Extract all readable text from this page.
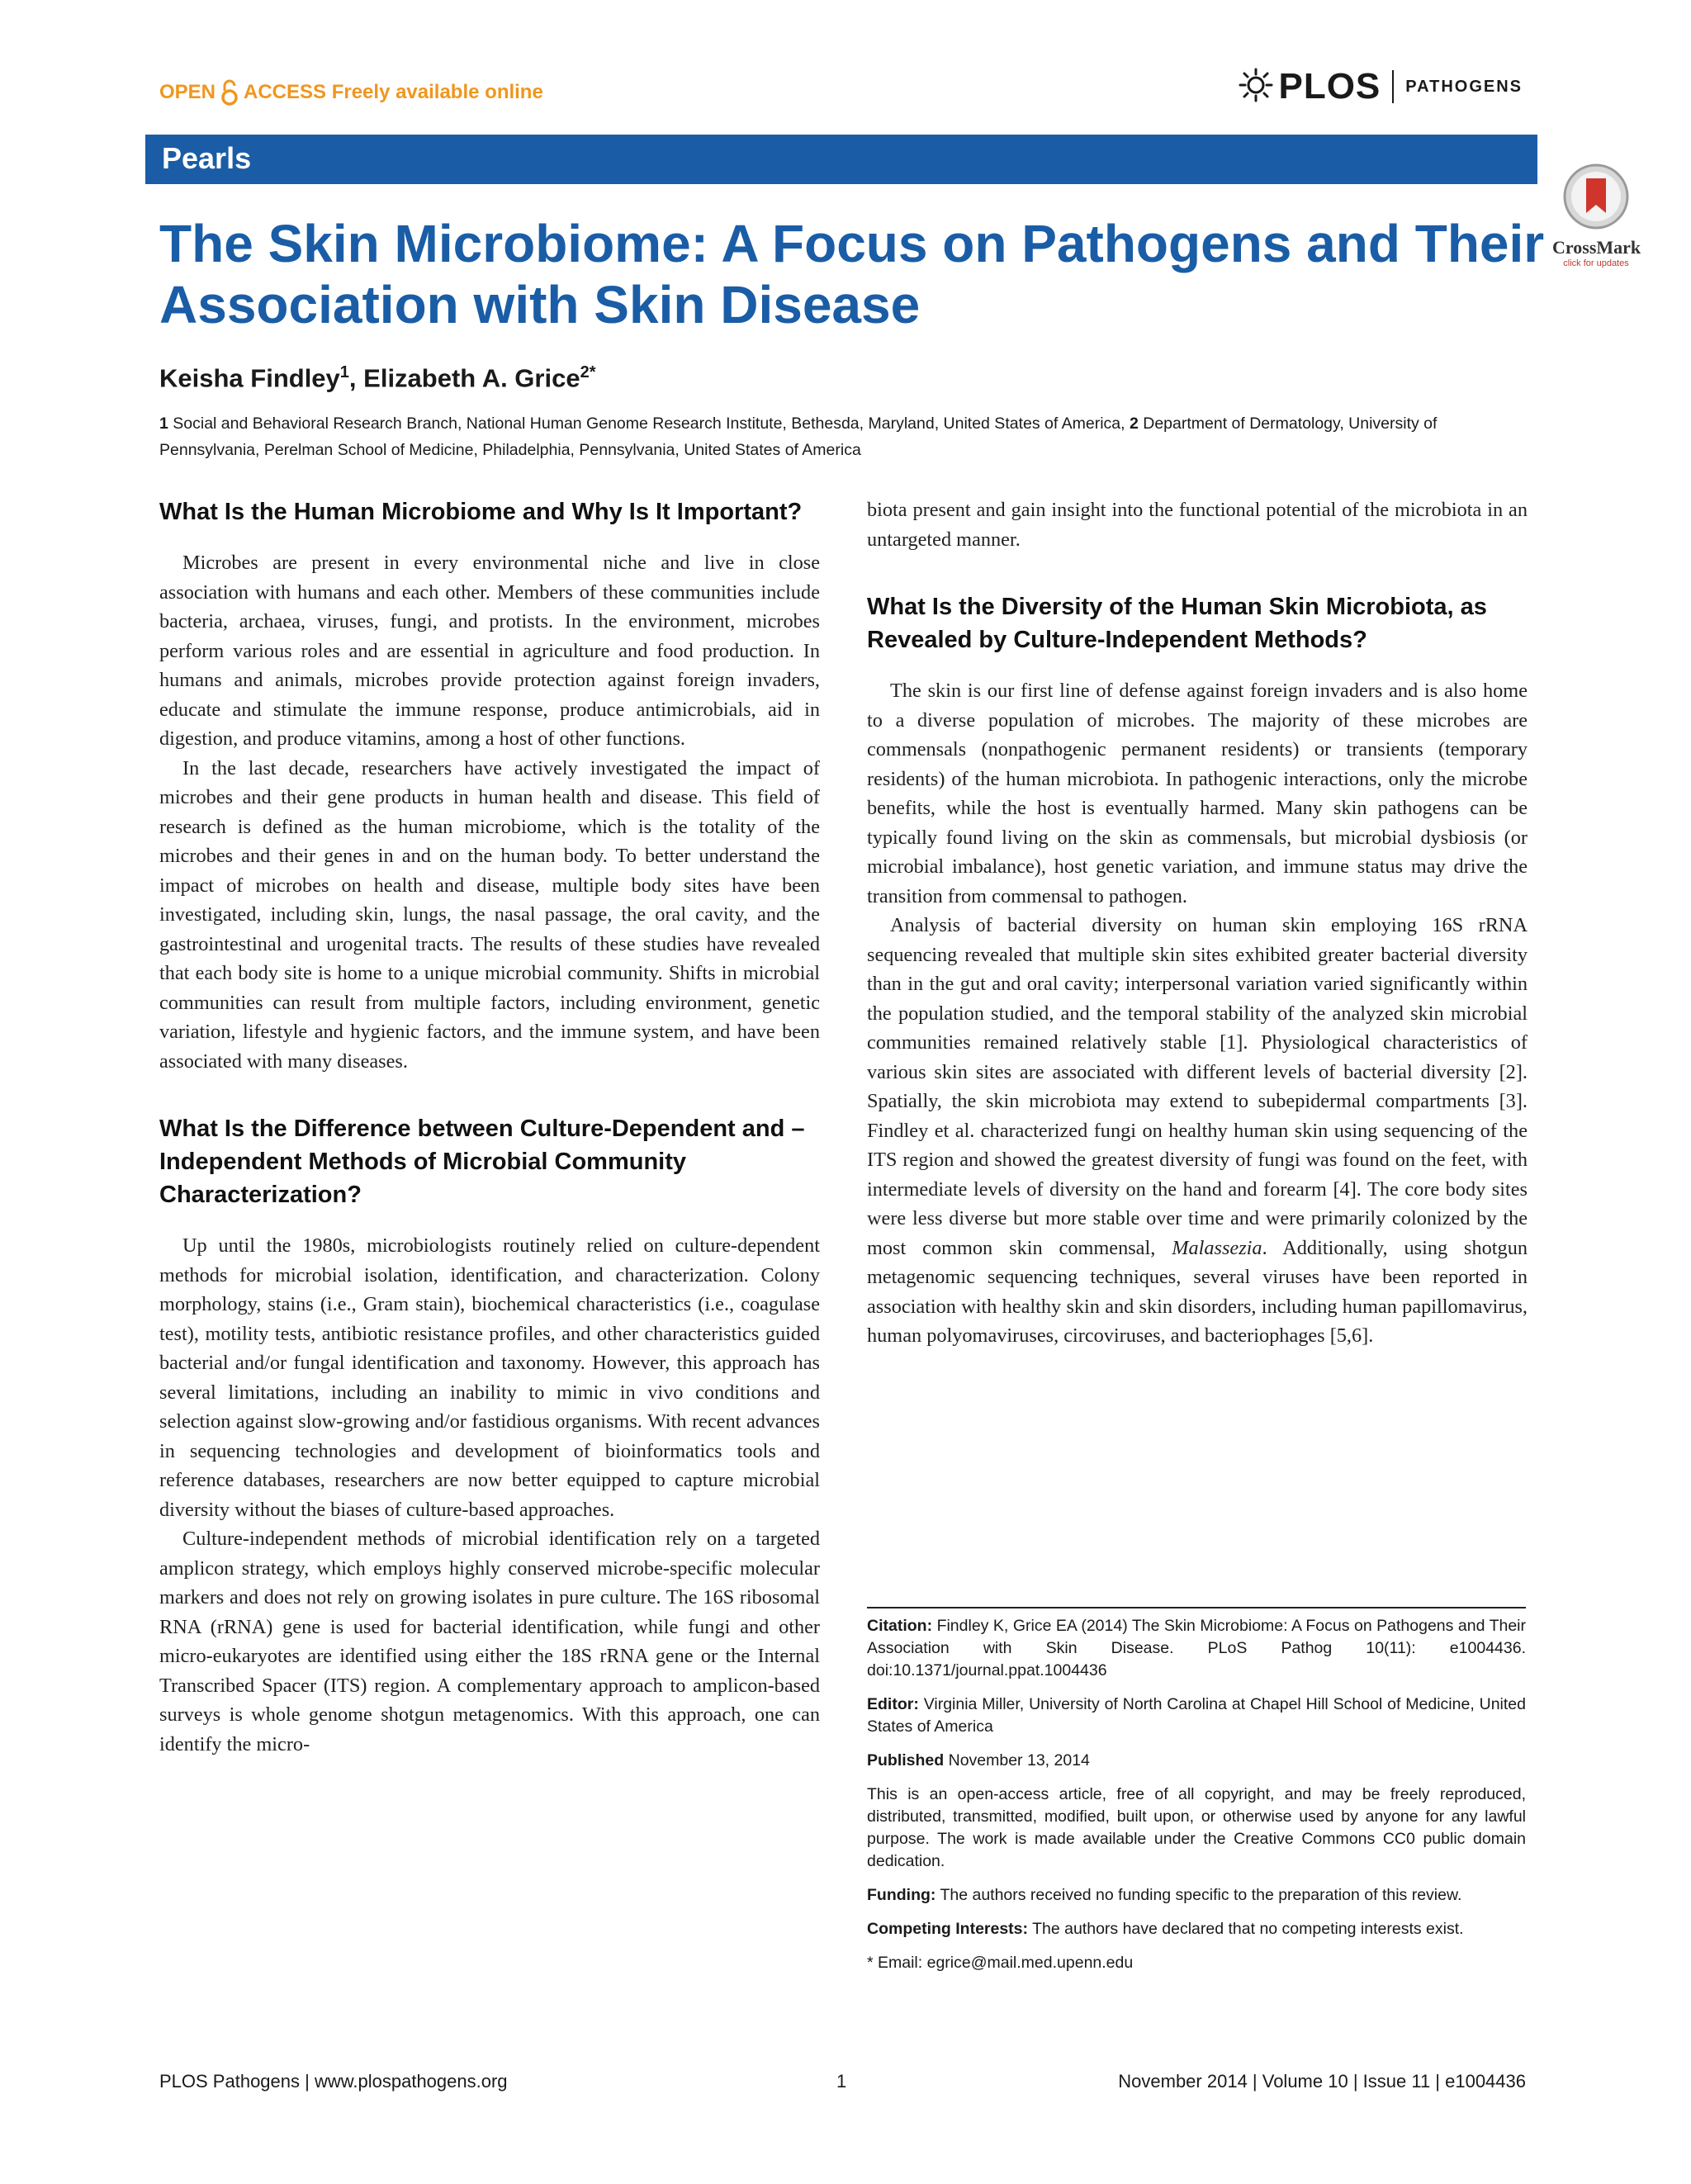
OPEN ACCESS Freely available online	PLOS PATHOGENS
Pearls
CrossMark
click for updates
The Skin Microbiome: A Focus on Pathogens and Their Association with Skin Disease
Keisha Findley$^1$, Elizabeth A. Grice$^{2*}$
1 Social and Behavioral Research Branch, National Human Genome Research Institute, Bethesda, Maryland, United States of America, 2 Department of Dermatology, University of Pennsylvania, Perelman School of Medicine, Philadelphia, Pennsylvania, United States of America
What Is the Human Microbiome and Why Is It Important?

Microbes are present in every environmental niche and live in close association with humans and each other. Members of these communities include bacteria, archaea, viruses, fungi, and protists. In the environment, microbes perform various roles and are essential in agriculture and food production. In humans and animals, microbes provide protection against foreign invaders, educate and stimulate the immune response, produce antimicrobials, aid in digestion, and produce vitamins, among a host of other functions.

In the last decade, researchers have actively investigated the impact of microbes and their gene products in human health and disease. This field of research is defined as the human microbiome, which is the totality of the microbes and their genes in and on the human body. To better understand the impact of microbes on health and disease, multiple body sites have been investigated, including skin, lungs, the nasal passage, the oral cavity, and the gastrointestinal and urogenital tracts. The results of these studies have revealed that each body site is home to a unique microbial community. Shifts in microbial communities can result from multiple factors, including environment, genetic variation, lifestyle and hygienic factors, and the immune system, and have been associated with many diseases.

What Is the Difference between Culture-Dependent and –Independent Methods of Microbial Community Characterization?

Up until the 1980s, microbiologists routinely relied on culture-dependent methods for microbial isolation, identification, and characterization. Colony morphology, stains (i.e., Gram stain), biochemical characteristics (i.e., coagulase test), motility tests, antibiotic resistance profiles, and other characteristics guided bacterial and/or fungal identification and taxonomy. However, this approach has several limitations, including an inability to mimic in vivo conditions and selection against slow-growing and/or fastidious organisms. With recent advances in sequencing technologies and development of bioinformatics tools and reference databases, researchers are now better equipped to capture microbial diversity without the biases of culture-based approaches.

Culture-independent methods of microbial identification rely on a targeted amplicon strategy, which employs highly conserved microbe-specific molecular markers and does not rely on growing isolates in pure culture. The 16S ribosomal RNA (rRNA) gene is used for bacterial identification, while fungi and other micro-eukaryotes are identified using either the 18S rRNA gene or the Internal Transcribed Spacer (ITS) region. A complementary approach to amplicon-based surveys is whole genome shotgun metagenomics. With this approach, one can identify the micro-

biota present and gain insight into the functional potential of the microbiota in an untargeted manner.

What Is the Diversity of the Human Skin Microbiota, as Revealed by Culture-Independent Methods?

The skin is our first line of defense against foreign invaders and is also home to a diverse population of microbes. The majority of these microbes are commensals (nonpathogenic permanent residents) or transients (temporary residents) of the human microbiota. In pathogenic interactions, only the microbe benefits, while the host is eventually harmed. Many skin pathogens can be typically found living on the skin as commensals, but microbial dysbiosis (or microbial imbalance), host genetic variation, and immune status may drive the transition from commensal to pathogen.

Analysis of bacterial diversity on human skin employing 16S rRNA sequencing revealed that multiple skin sites exhibited greater bacterial diversity than in the gut and oral cavity; interpersonal variation varied significantly within the population studied, and the temporal stability of the analyzed skin microbial communities remained relatively stable [1]. Physiological characteristics of various skin sites are associated with different levels of bacterial diversity [2]. Spatially, the skin microbiota may extend to subepidermal compartments [3]. Findley et al. characterized fungi on healthy human skin using sequencing of the ITS region and showed the greatest diversity of fungi was found on the feet, with intermediate levels of diversity on the hand and forearm [4]. The core body sites were less diverse but more stable over time and were primarily colonized by the most common skin commensal, Malassezia. Additionally, using shotgun metagenomic sequencing techniques, several viruses have been reported in association with healthy skin and skin disorders, including human papillomavirus, human polyomaviruses, circoviruses, and bacteriophages [5,6].

Citation: Findley K, Grice EA (2014) The Skin Microbiome: A Focus on Pathogens and Their Association with Skin Disease. PLoS Pathog 10(11): e1004436. doi:10.1371/journal.ppat.1004436

Editor: Virginia Miller, University of North Carolina at Chapel Hill School of Medicine, United States of America

Published November 13, 2014

This is an open-access article, free of all copyright, and may be freely reproduced, distributed, transmitted, modified, built upon, or otherwise used by anyone for any lawful purpose. The work is made available under the Creative Commons CC0 public domain dedication.

Funding: The authors received no funding specific to the preparation of this review.

Competing Interests: The authors have declared that no competing interests exist.

* Email: egrice@mail.med.upenn.edu

PLOS Pathogens | www.plospathogens.org	1	November 2014 | Volume 10 | Issue 11 | e1004436
